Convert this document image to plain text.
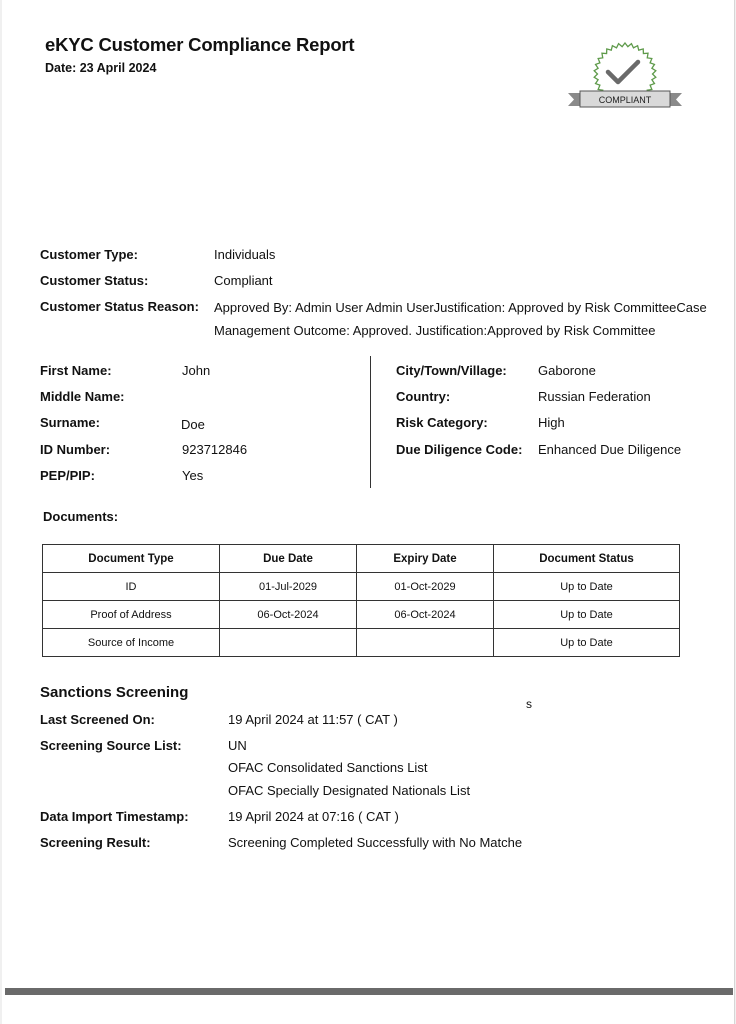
eKYC Customer Compliance Report
Date: 23 April 2024
COMPLIANT
Customer Type:	Individuals
Customer Status:	Compliant
Customer Status Reason: Approved By: Admin User Admin UserJustification: Approved by Risk CommitteeCase Management Outcome: Approved. Justification:Approved by Risk Committee
First Name:	John
Middle Name:
Surname:	Doe
ID Number:	923712846
PEP/PIP:	Yes
City/Town/Village: Gaborone
Country:	Russian Federation
Risk Category:	High
Due Diligence Code: Enhanced Due Diligence
Documents:
Document Type	Due Date	Expiry Date	Document Status
ID	01-Jul-2029	01-Oct-2029	Up to Date
Proof of Address	06-Oct-2024	06-Oct-2024	Up to Date
Source of Income			Up to Date
Sanctions Screening
s
Last Screened On:	19 April 2024 at 11:57 ( CAT )
Screening Source List:	UN
OFAC Consolidated Sanctions List
OFAC Specially Designated Nationals List
Data Import Timestamp:	19 April 2024 at 07:16 ( CAT )
Screening Result:	Screening Completed Successfully with No Matche
